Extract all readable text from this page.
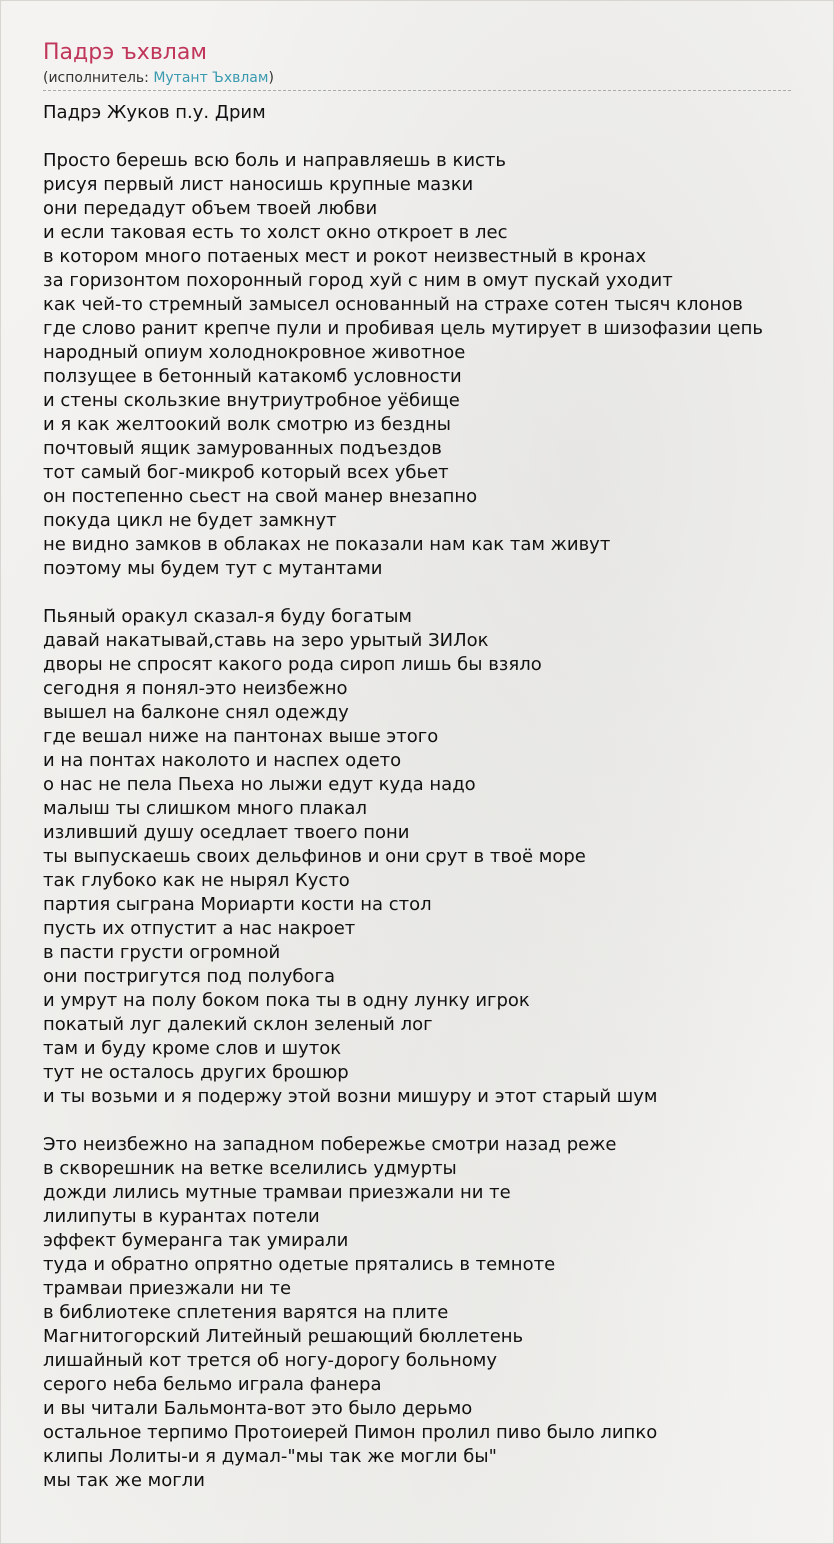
Падрэ ъхвлам
(исполнитель: Мутант Ъхвлам)
Падрэ Жуков п.у. Дрим
Просто берешь всю боль и направляешь в кисть
рисуя первый лист наносишь крупные мазки
они передадут объем твоей любви
и если таковая есть то холст окно откроет в лес
в котором много потаеных мест и рокот неизвестный в кронах
за горизонтом похоронный город хуй с ним в омут пускай уходит
как чей-то стремный замысел основанный на страхе сотен тысяч клонов
где слово ранит крепче пули и пробивая цель мутирует в шизофазии цепь
народный опиум холоднокровное животное
ползущее в бетонный катакомб условности
и стены скользкие внутриутробное уёбище
и я как желтоокий волк смотрю из бездны
почтовый ящик замурованных подъездов
тот самый бог-микроб который всех убьет
он постепенно сьест на свой манер внезапно
покуда цикл не будет замкнут
не видно замков в облаках не показали нам как там живут
поэтому мы будем тут с мутантами
Пьяный оракул сказал-я буду богатым
давай накатывай,ставь на зеро урытый ЗИЛок
дворы не спросят какого рода сироп лишь бы взяло
сегодня я понял-это неизбежно
вышел на балконе снял одежду
где вешал ниже на пантонах выше этого
и на понтах наколото и наспех одето
о нас не пела Пьеха но лыжи едут куда надо
малыш ты слишком много плакал
изливший душу оседлает твоего пони
ты выпускаешь своих дельфинов и они срут в твоё море
так глубоко как не нырял Кусто
партия сыграна Мориарти кости на стол
пусть их отпустит а нас накроет
в пасти грусти огромной
они постригутся под полубога
и умрут на полу боком пока ты в одну лунку игрок
покатый луг далекий склон зеленый лог
там и буду кроме слов и шуток
тут не осталось других брошюр
и ты возьми и я подержу этой возни мишуру и этот старый шум
Это неизбежно на западном побережье смотри назад реже
в скворешник на ветке вселились удмурты
дожди лились мутные трамваи приезжали ни те
лилипуты в курантах потели
эффект бумеранга так умирали
туда и обратно опрятно одетые прятались в темноте
трамваи приезжали ни те
в библиотеке сплетения варятся на плите
Магнитогорский Литейный решающий бюллетень
лишайный кот трется об ногу-дорогу больному
серого неба бельмо играла фанера
и вы читали Бальмонта-вот это было дерьмо
остальное терпимо Протоиерей Пимон пролил пиво было липко
клипы Лолиты-и я думал-"мы так же могли бы"
мы так же могли
